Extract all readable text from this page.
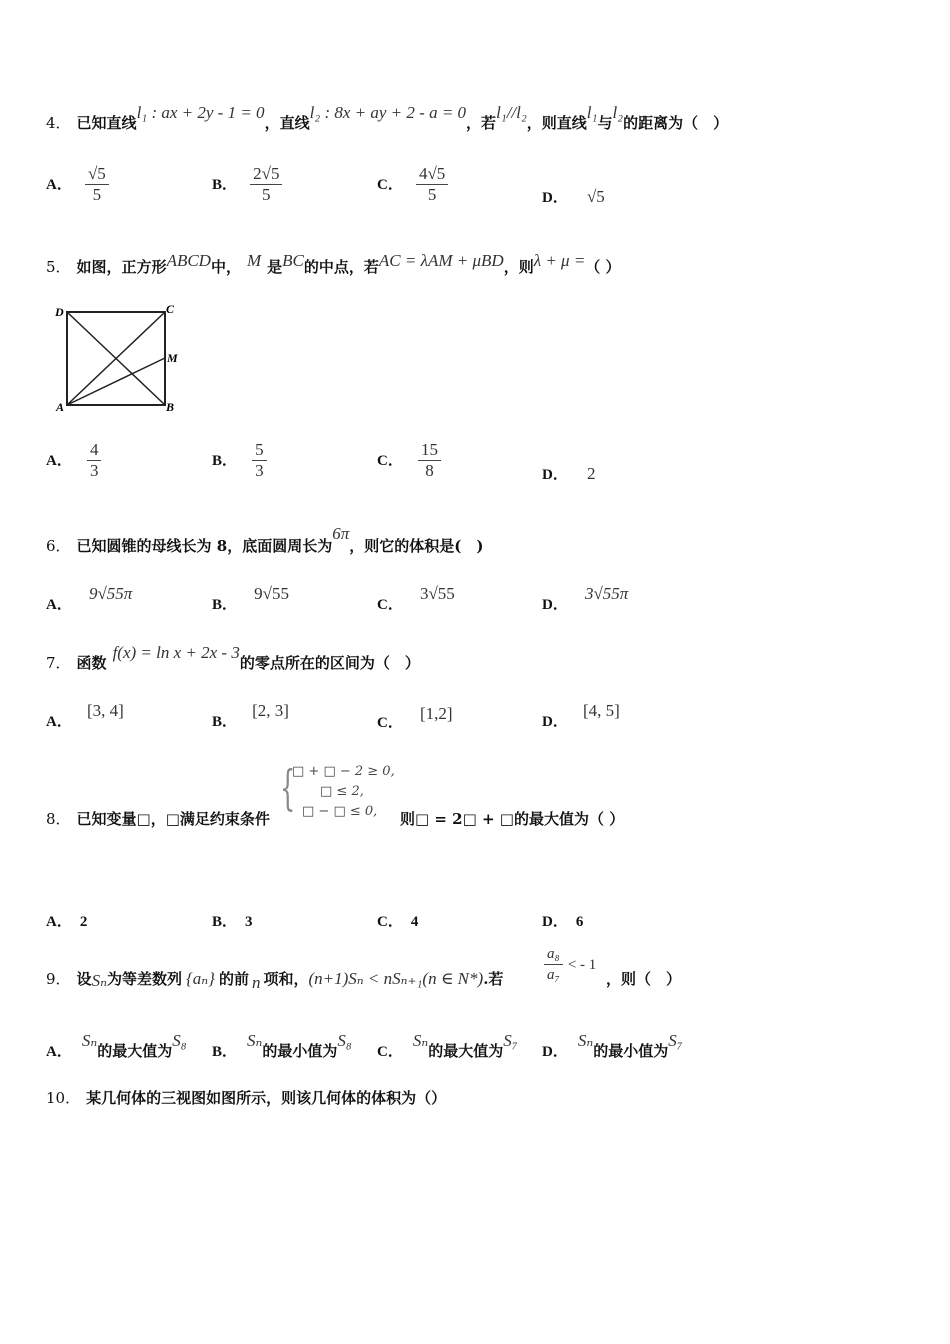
4． 已知直线l₁ : ax + 2y - 1 = 0，直线l₂ : 8x + ay + 2 - a = 0，若l₁//l₂，则直线l₁与l₂的距离为（　）
A． $\frac{√5}{5}$	B． $\frac{2√5}{5}$	C． $\frac{4√5}{5}$	D． √5
5． 如图，正方形ABCD中， M 是BC的中点，若AC = λAM + μBD，则λ + μ =（ ）
D	C
M
A	B
A． $\frac{4}{3}$	B． $\frac{5}{3}$	C． $\frac{15}{8}$	D． 2
6． 已知圆锥的母线长为 8，底面圆周长为6π，则它的体积是(　)
A． 9√55π
B． 9√55
C． 3√55
D． 3√55π
7． 函数f(x) = ln x + 2x - 3的零点所在的区间为（　）
A． [3, 4]
B． [2, 3]
C． [1,2]	D． [4, 5]
8． 已知变量□，□满足约束条件
{
□ + □ − 2 ≥ 0,
□ ≤ 2,
□ − □ ≤ 0, 则□ = 2□ + □的最大值为（ ）
A． 2	B． 3	C． 4	D． 6
9． 设Sₙ为等差数列 {aₙ} 的前 n 项和，(n+1)Sₙ < nSₙ₊₁(n ∈ N*).若	$\frac{\text{a₈}}{\text{a₇}}$ < - 1
，则（　）
A．Sₙ的最大值为S₈
B．Sₙ的最小值为S₈
C．Sₙ的最大值为S₇
D．Sₙ的最小值为S₇
10． 某几何体的三视图如图所示，则该几何体的体积为（）
